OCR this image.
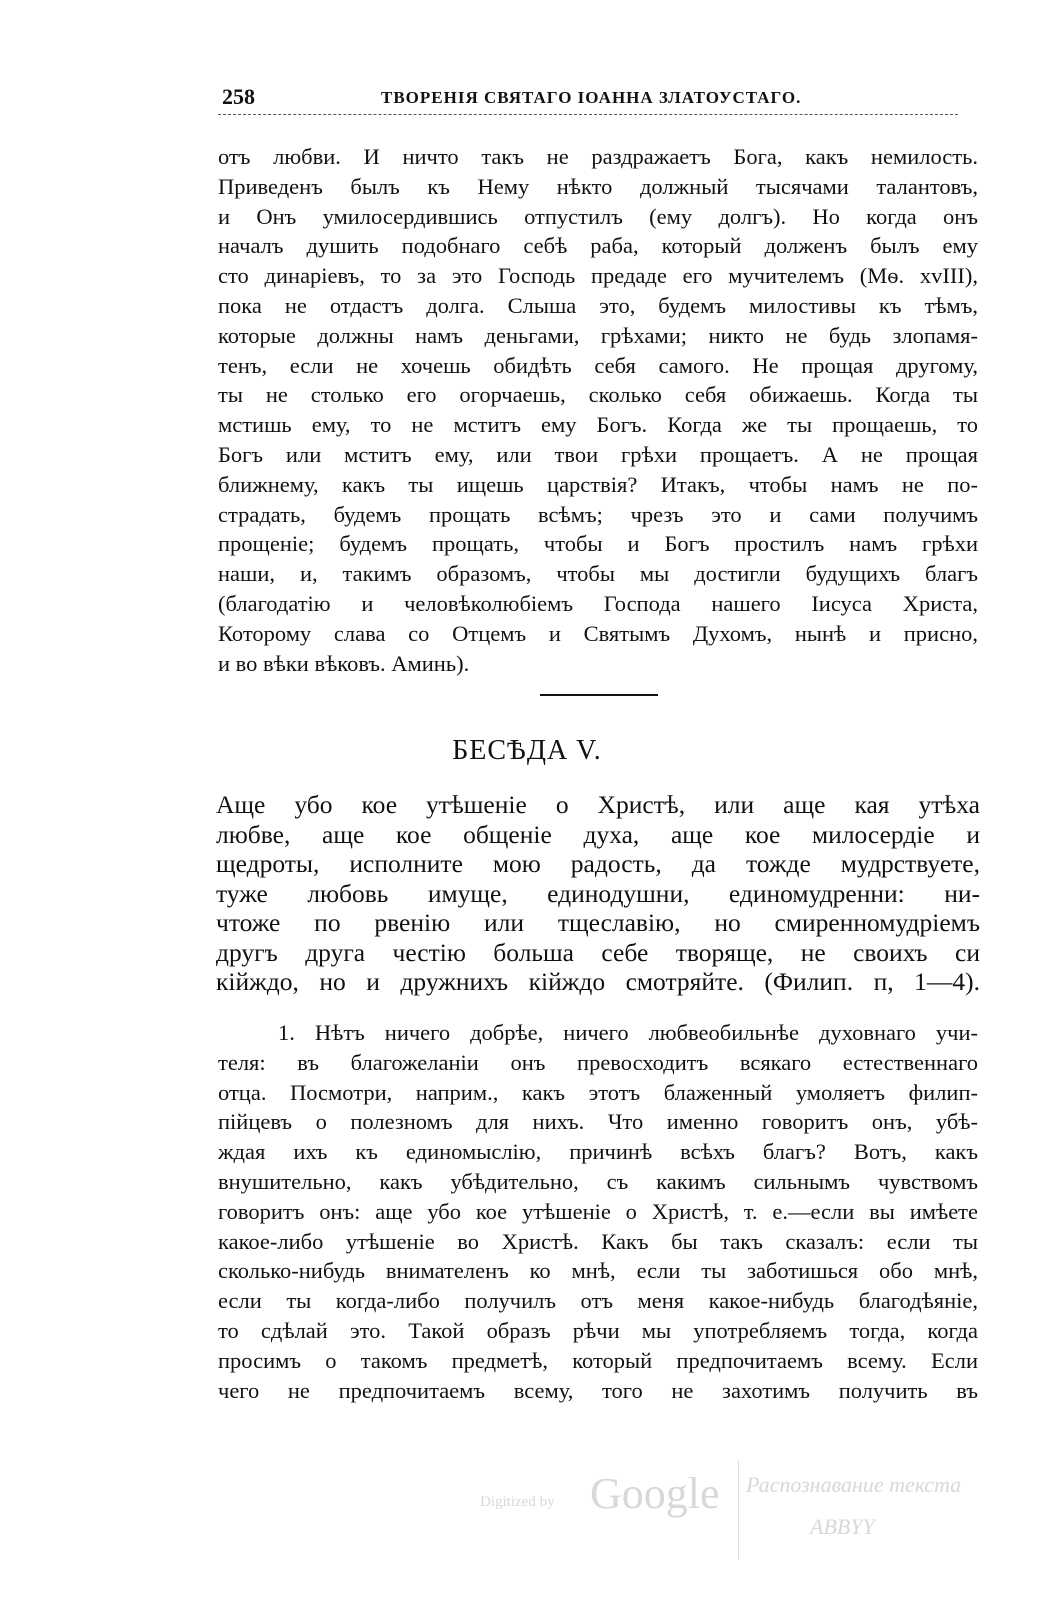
258	ТВОРЕНІЯ СВЯТАГО ІОАННА ЗЛАТОУСТАГО.
отъ любви. И ничто такъ не раздражаетъ Бога, какъ немилость.
Приведенъ былъ къ Нему нѣкто должный тысячами талантовъ,
и Онъ умилосердившись отпустилъ (ему долгъ). Но когда онъ
началъ душить подобнаго себѣ раба, который долженъ былъ ему
сто динаріевъ, то за это Господь предаде его мучителемъ (Мѳ. xvIII),
пока не отдастъ долга. Слыша это, будемъ милостивы къ тѣмъ,
которые должны намъ деньгами, грѣхами; никто не будь злопамя-
тенъ, если не хочешь обидѣть себя самого. Не прощая другому,
ты не столько его огорчаешь, сколько себя обижаешь. Когда ты
мстишь ему, то не мститъ ему Богъ. Когда же ты прощаешь, то
Богъ или мститъ ему, или твои грѣхи прощаетъ. А не прощая
ближнему, какъ ты ищешь царствія? Итакъ, чтобы намъ не по-
страдать, будемъ прощать всѣмъ; чрезъ это и сами получимъ
прощеніе; будемъ прощать, чтобы и Богъ простилъ намъ грѣхи
наши, и, такимъ образомъ, чтобы мы достигли будущихъ благъ
(благодатію и человѣколюбіемъ Господа нашего Іисуса Христа,
Которому слава со Отцемъ и Святымъ Духомъ, нынѣ и присно,
и во вѣки вѣковъ. Аминь).
БЕСѢДА V.
Аще убо кое утѣшеніе о Христѣ, или аще кая утѣха
любве, аще кое общеніе духа, аще кое милосердіе и
щедроты, исполните мою радость, да тождe мудрствуете,
туже любовь имуще, единодушни, единомудренни: ни-
чтоже по рвенію или тщеславію, но смиренномудріемъ
другъ друга честію больша себе творяще, не своихъ си
кійждо, но и дружнихъ кійждо смотряйте. (Филип. п, 1—4).
1. Нѣтъ ничего добрѣе, ничего любвеобильнѣе духовнаго учи-
теля: въ благожеланіи онъ превосходитъ всякаго естественнаго
отца. Посмотри, наприм., какъ этотъ блаженный умоляетъ филип-
пійцевъ о полезномъ для нихъ. Что именно говоритъ онъ, убѣ-
ждая ихъ къ единомыслію, причинѣ всѣхъ благъ? Вотъ, какъ
внушительно, какъ убѣдительно, съ какимъ сильнымъ чувствомъ
говоритъ онъ: аще убо кое утѣшеніе о Христѣ, т. е.—если вы имѣете
какое-либо утѣшеніе во Христѣ. Какъ бы такъ сказалъ: если ты
сколько-нибудь внимателенъ ко мнѣ, если ты заботишься обо мнѣ,
если ты когда-либо получилъ отъ меня какое-нибудь благодѣяніе,
то сдѣлай это. Такой образъ рѣчи мы употребляемъ тогда, когда
просимъ о такомъ предметѣ, который предпочитаемъ всему. Если
чего не предпочитаемъ всему, того не захотимъ получить въ
Digitized by Google Распознавание текста
ABBYY
